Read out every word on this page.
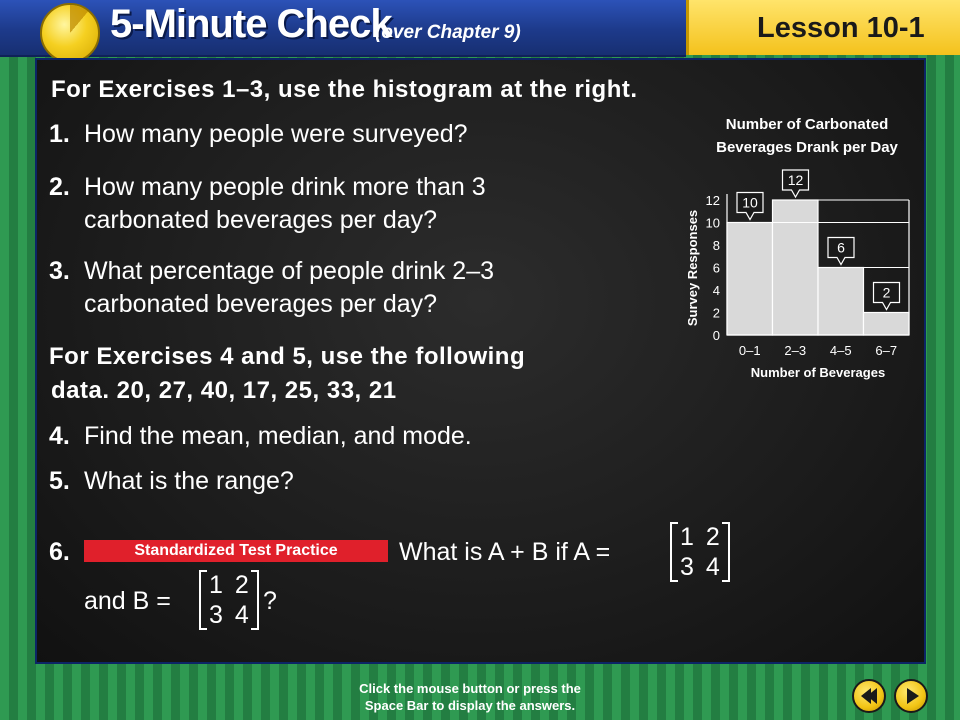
5-Minute Check
(over Chapter 9)	Lesson 10-1
For Exercises 1–3, use the histogram at the right.
1. How many people were surveyed?
2. How many people drink more than 3
carbonated beverages per day?
3. What percentage of people drink 2–3
carbonated beverages per day?
For Exercises 4 and 5, use the following
data. 20, 27, 40, 17, 25, 33, 21
4. Find the mean, median, and mode.
5. What is the range?
6.	Standardized Test Practice	What is A + B if A =
1 2
3 4
and B =
1 2
3 4 ?
Number of Carbonated
Beverages Drank per Day
0
2
4
6
8
10
12
Survey Responses
10
12
6
2
0–1 2–3 4–5 6–7
Number of Beverages
Click the mouse button or press the
Space Bar to display the answers.
